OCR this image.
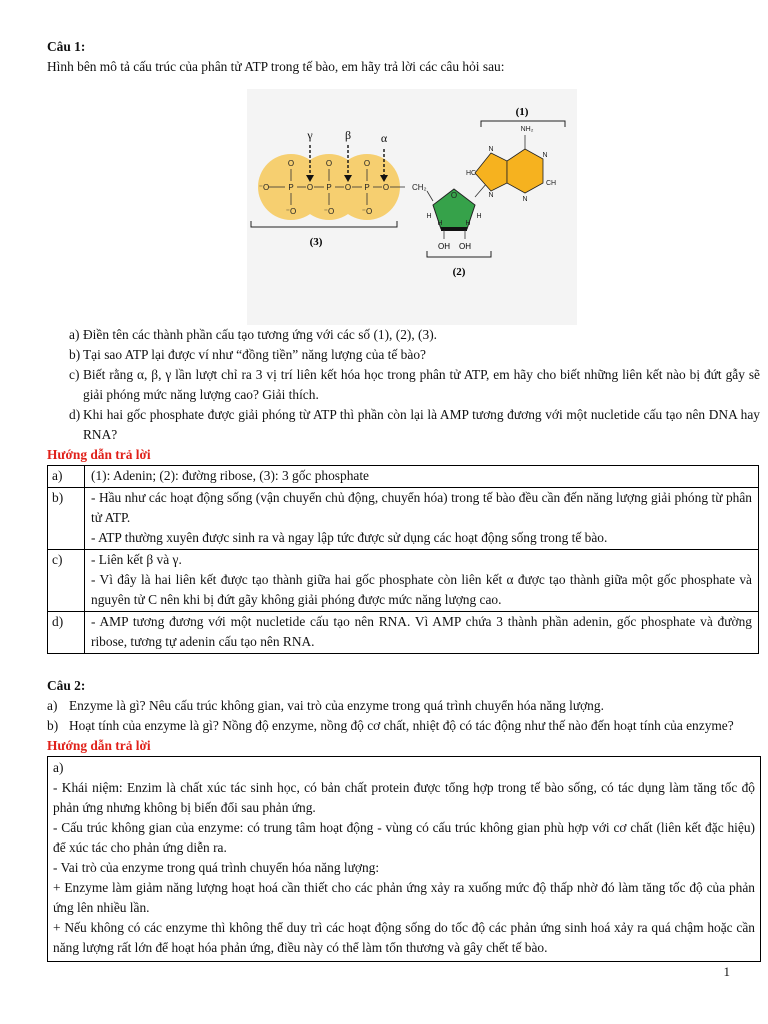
Câu 1:

Hình bên mô tả cấu trúc của phân tử ATP trong tế bào, em hãy trả lời các câu hỏi sau:

⁻O P	P	P
O	O	O
O	O	O
⁻O	⁻O	⁻O
γ	β α
(3)
CH₂
O
H	H
H	H
OH OH
(2)
NH₂
N
HC
N
N
CH
N
(1)
a) Điền tên các thành phần cấu tạo tương ứng với các số (1), (2), (3).
b) Tại sao ATP lại được ví như “đồng tiền” năng lượng của tế bào?
c) Biết rằng α, β, γ lần lượt chỉ ra 3 vị trí liên kết hóa học trong phân tử ATP, em hãy cho biết những liên kết nào bị đứt gẫy sẽ giải phóng mức năng lượng cao? Giải thích.
d) Khi hai gốc phosphate được giải phóng từ ATP thì phần còn lại là AMP tương đương với một nucletide cấu tạo nên DNA hay RNA?

Hướng dẫn trả lời

a)	(1): Adenin; (2): đường ribose, (3): 3 gốc phosphate

b)	- Hầu như các hoạt động sống (vận chuyển chủ động, chuyển hóa) trong tế bào đều cần đến năng lượng giải phóng từ phân tử ATP.

- ATP thường xuyên được sinh ra và ngay lập tức được sử dụng các hoạt động sống trong tế bào.

c)	- Liên kết β và γ.

- Vì đây là hai liên kết được tạo thành giữa hai gốc phosphate còn liên kết α được tạo thành giữa một gốc phosphate và nguyên tử C nên khi bị đứt gãy không giải phóng được mức năng lượng cao.

d)	- AMP tương đương với một nucletide cấu tạo nên RNA. Vì AMP chứa 3 thành phần adenin, gốc phosphate và đường ribose, tương tự adenin cấu tạo nên RNA.

Câu 2:

a) Enzyme là gì? Nêu cấu trúc không gian, vai trò của enzyme trong quá trình chuyển hóa năng lượng.
b) Hoạt tính của enzyme là gì? Nồng độ enzyme, nồng độ cơ chất, nhiệt độ có tác động như thế nào đến hoạt tính của enzyme?

Hướng dẫn trả lời

a)

- Khái niệm: Enzim là chất xúc tác sinh học, có bản chất protein được tổng hợp trong tế bào sống, có tác dụng làm tăng tốc độ phản ứng nhưng không bị biến đổi sau phản ứng.

- Cấu trúc không gian của enzyme: có trung tâm hoạt động - vùng có cấu trúc không gian phù hợp với cơ chất (liên kết đặc hiệu) để xúc tác cho phản ứng diễn ra.

- Vai trò của enzyme trong quá trình chuyển hóa năng lượng:

+ Enzyme làm giảm năng lượng hoạt hoá cần thiết cho các phản ứng xảy ra xuống mức độ thấp nhờ đó làm tăng tốc độ của phản ứng lên nhiều lần.

+ Nếu không có các enzyme thì không thể duy trì các hoạt động sống do tốc độ các phản ứng sinh hoá xảy ra quá chậm hoặc cần năng lượng rất lớn để hoạt hóa phản ứng, điều này có thể làm tổn thương và gây chết tế bào.

1
